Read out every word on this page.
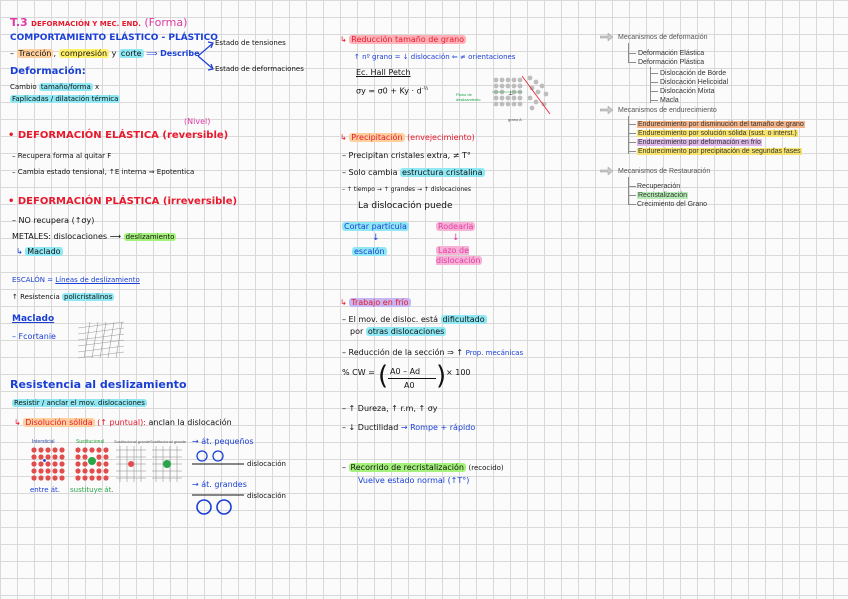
T.3 DEFORMACIÓN Y MEC. END. (Forma)
COMPORTAMIENTO ELÁSTICO - PLÁSTICO
– Tracción , compresión y corte ⟹ Describe
Estado de tensiones
Estado de deformaciones
Deformación:
Cambio tamaño/forma x
Faplicadas / dilatación térmica
(Nivel)
• DEFORMACIÓN ELÁSTICA (reversible)
– Recupera forma al quitar F
– Cambia estado tensional, ↑E interna ⇒ Epotentica
• DEFORMACIÓN PLÁSTICA (irreversible)
– NO recupera (↑σy)
METALES: dislocaciones ⟶ deslizamiento
↳ Maclado
ESCALÓN = Líneas de deslizamiento
↑ Resistencia policristalinos
Maclado
– Fcortanie
Resistencia al deslizamiento
Resistir / anclar el mov. dislocaciones
↳ Disolución sólida (↑ puntual): anclan la dislocación
Intersticial	Sustitucional Sustitucional grande Sustitucional grande
entre át. sustituye át.
→ át. pequeños
dislocación
→ át. grandes
dislocación
↳ Reducción tamaño de grano
↑ nº grano = ↓ dislocación ⇐ ≠ orientaciones
Ec. Hall Petch
$\sigma y = \sigma 0 + Ky \cdot d^{-\frac{1}{2}}$
Plano de deslizamiento
⊥
grano A
↳ Precipitación (envejecimiento)
– Precipitan cristales extra, ≠ T°
– Solo cambia estructura cristalina
– ↑ tiempo → ↑ grandes → ↑ dislocaciones
La dislocación puede
Cortar partícula	Rodearla
↓	↓
escalón	Lazo de dislocación
↳ Trabajo en frío
– El mov. de disloc. está dificultado
por otras dislocaciones
– Reducción de la sección ⇒ ↑ Prop. mecánicas
% CW = ( A0 – Ad
A0 ) × 100
– ↑ Dureza, ↑ r.m, ↑ σy
– ↓ Ductilidad → Rompe + rápido
– Recorrido de recristalización (recocido)
Vuelve estado normal (↑T°)
Mecanismos de deformación
Deformación Elástica
Deformación Plástica
Dislocación de Borde
Dislocación Helicoidal
Dislocación Mixta
Macla
Mecanismos de endurecimiento
Endurecimiento por disminución del tamaño de grano
Endurecimiento por solución sólida (sust. o interst.)
Endurecimiento por deformación en frío
Endurecimiento por precipitación de segundas fases
Mecanismos de Restauración
Recuperación
Recristalización
Crecimiento del Grano
